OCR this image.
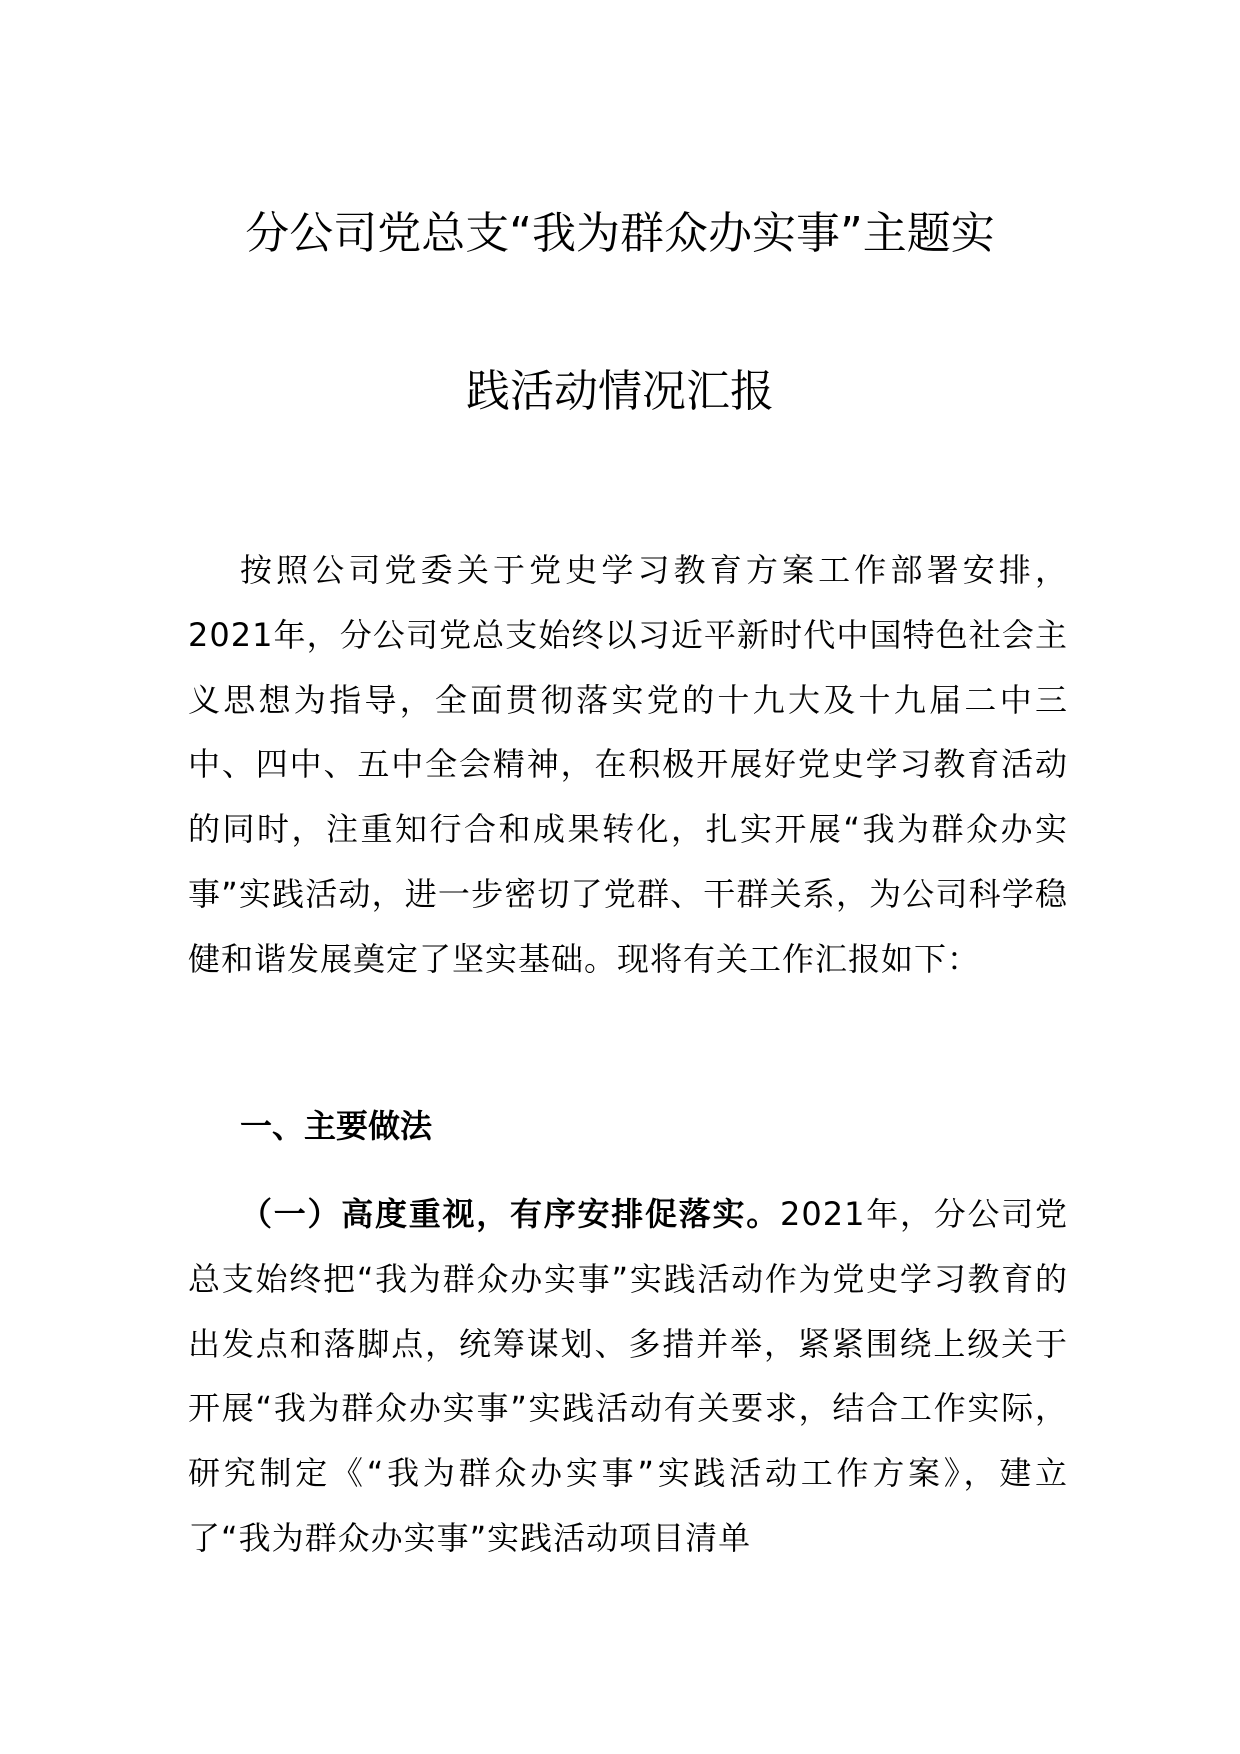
分公司党总支“我为群众办实事”主题实
践活动情况汇报

按照公司党委关于党史学习教育方案工作部署安排，2021年，分公司党总支始终以习近平新时代中国特色社会主义思想为指导，全面贯彻落实党的十九大及十九届二中三中、四中、五中全会精神，在积极开展好党史学习教育活动的同时，注重知行合和成果转化，扎实开展“我为群众办实事”实践活动，进一步密切了党群、干群关系，为公司科学稳健和谐发展奠定了坚实基础。现将有关工作汇报如下：

一、主要做法

（一）高度重视，有序安排促落实。2021年，分公司党总支始终把“我为群众办实事”实践活动作为党史学习教育的出发点和落脚点，统筹谋划、多措并举，紧紧围绕上级关于开展“我为群众办实事”实践活动有关要求，结合工作实际，研究制定《“我为群众办实事”实践活动工作方案》，建立了“我为群众办实事”实践活动项目清单
